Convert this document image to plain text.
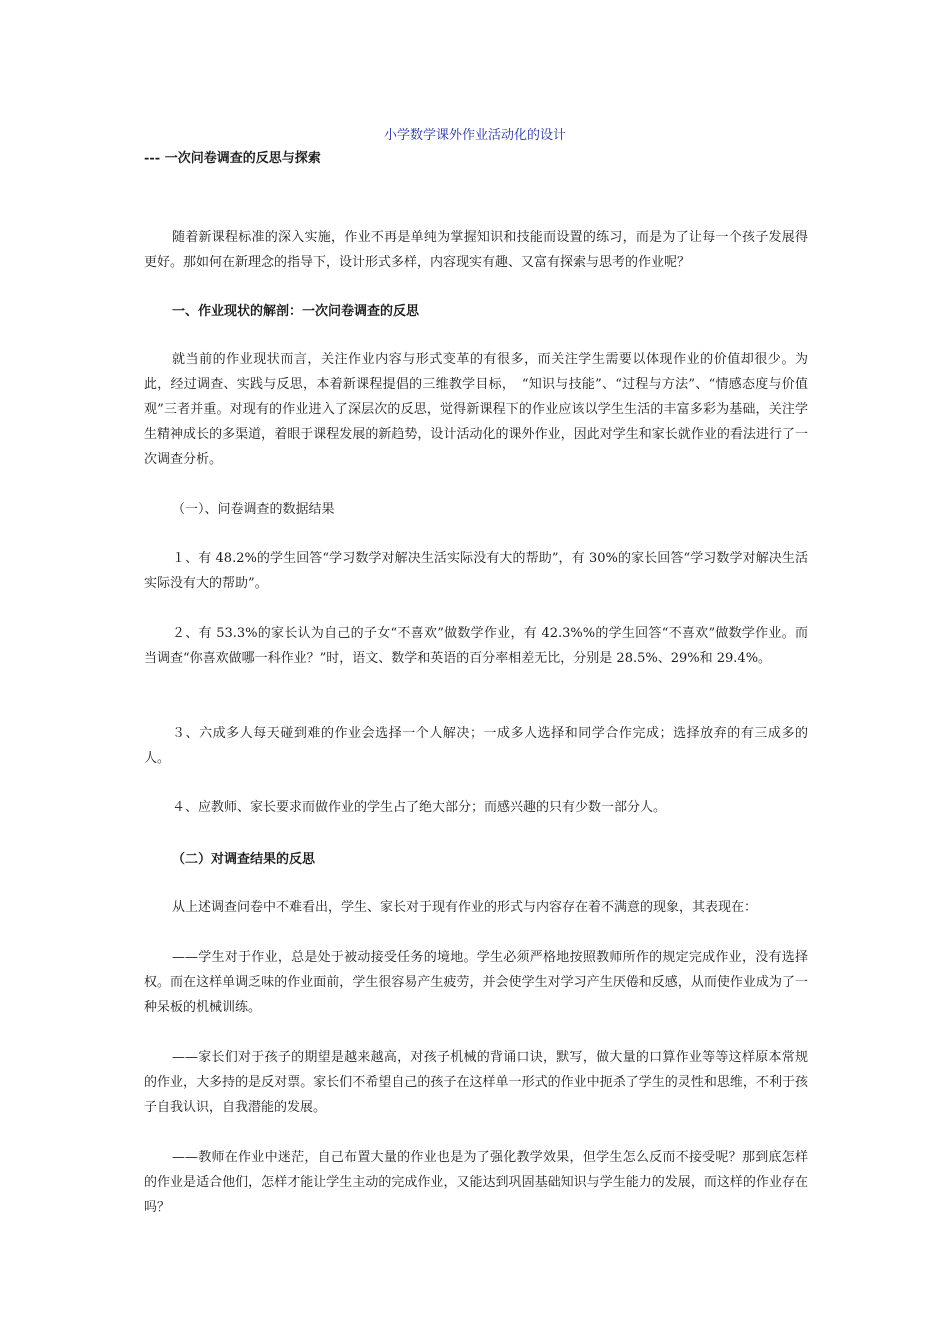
小学数学课外作业活动化的设计
--- 一次问卷调查的反思与探索

随着新课程标准的深入实施，作业不再是单纯为掌握知识和技能而设置的练习，而是为了让每一个孩子发展得更好。那如何在新理念的指导下，设计形式多样，内容现实有趣、又富有探索与思考的作业呢？

一、作业现状的解剖：一次问卷调查的反思

就当前的作业现状而言，关注作业内容与形式变革的有很多，而关注学生需要以体现作业的价值却很少。为此，经过调查、实践与反思，本着新课程提倡的三维教学目标，　“知识与技能”、“过程与方法”、“情感态度与价值观”三者并重。对现有的作业进入了深层次的反思，觉得新课程下的作业应该以学生生活的丰富多彩为基础，关注学生精神成长的多渠道，着眼于课程发展的新趋势，设计活动化的课外作业，因此对学生和家长就作业的看法进行了一次调查分析。

（一）、问卷调查的数据结果

１、有 48.2%的学生回答“学习数学对解决生活实际没有大的帮助”，有 30%的家长回答“学习数学对解决生活实际没有大的帮助”。

２、有 53.3%的家长认为自己的子女“不喜欢”做数学作业，有 42.3%%的学生回答“不喜欢”做数学作业。而当调查“你喜欢做哪一科作业？”时，语文、数学和英语的百分率相差无比，分别是 28.5%、29%和 29.4%。

３、六成多人每天碰到难的作业会选择一个人解决；一成多人选择和同学合作完成；选择放弃的有三成多的人。

４、应教师、家长要求而做作业的学生占了绝大部分；而感兴趣的只有少数一部分人。

（二）对调查结果的反思

从上述调查问卷中不难看出，学生、家长对于现有作业的形式与内容存在着不满意的现象，其表现在：

——学生对于作业，总是处于被动接受任务的境地。学生必须严格地按照教师所作的规定完成作业，没有选择权。而在这样单调乏味的作业面前，学生很容易产生疲劳，并会使学生对学习产生厌倦和反感，从而使作业成为了一种呆板的机械训练。

——家长们对于孩子的期望是越来越高，对孩子机械的背诵口诀，默写，做大量的口算作业等等这样原本常规的作业，大多持的是反对票。家长们不希望自己的孩子在这样单一形式的作业中扼杀了学生的灵性和思维，不利于孩子自我认识，自我潜能的发展。

——教师在作业中迷茫，自己布置大量的作业也是为了强化教学效果，但学生怎么反而不接受呢？那到底怎样的作业是适合他们，怎样才能让学生主动的完成作业，又能达到巩固基础知识与学生能力的发展，而这样的作业存在吗？
